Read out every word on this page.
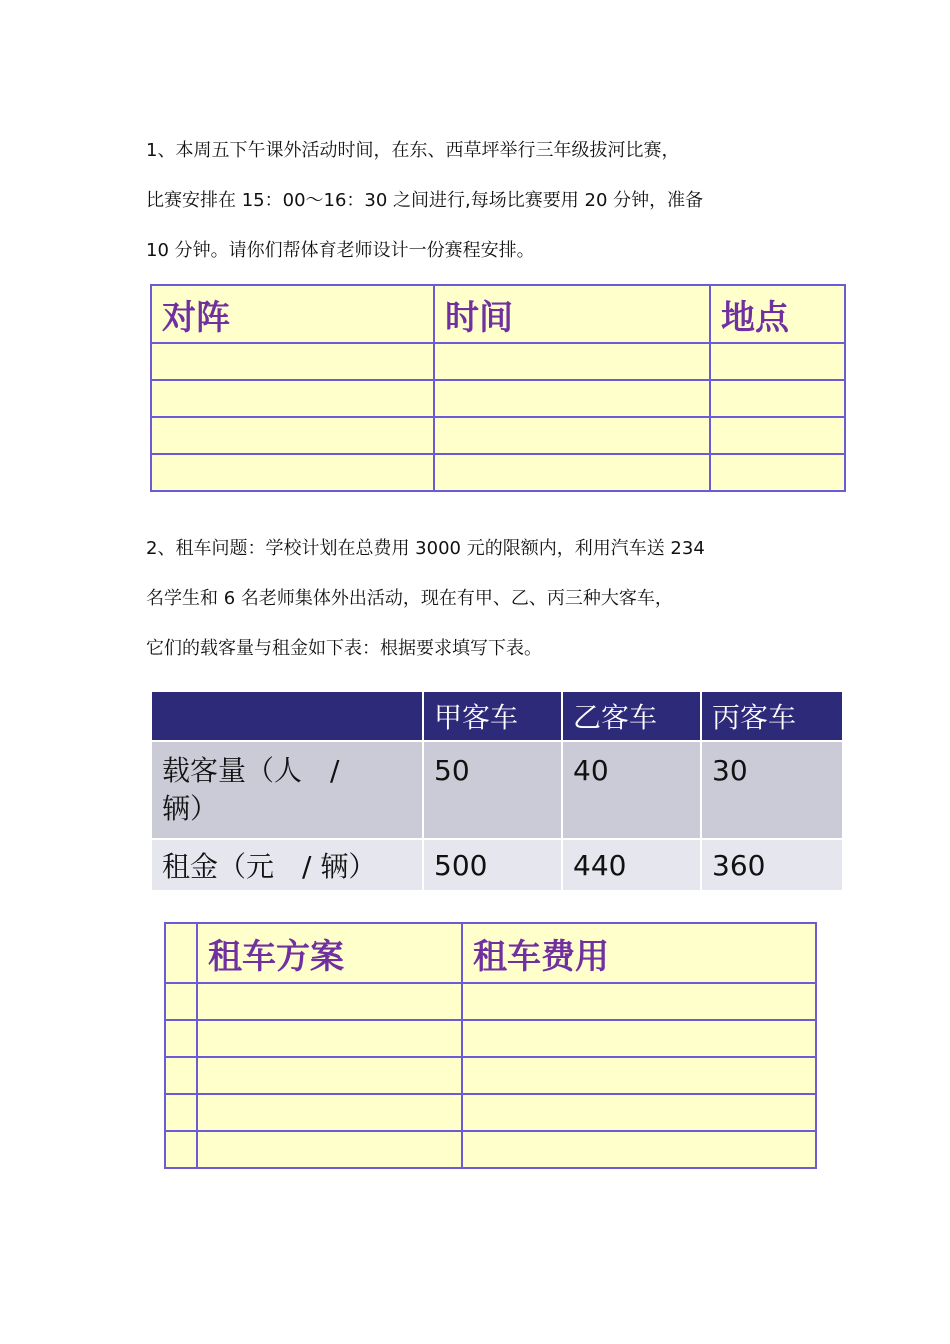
1、本周五下午课外活动时间，在东、西草坪举行三年级拔河比赛，
比赛安排在 15：00～16：30 之间进行,每场比赛要用 20 分钟，准备
10 分钟。请你们帮体育老师设计一份赛程安排。
对阵	时间	地点

2、租车问题：学校计划在总费用 3000 元的限额内，利用汽车送 234
名学生和 6 名老师集体外出活动，现在有甲、乙、丙三种大客车，
它们的载客量与租金如下表：根据要求填写下表。
	甲客车	乙客车	丙客车

载客量（人　/
辆）	50	40	30
租金（元　/ 辆）	500	440	360
	租车方案	租车费用
